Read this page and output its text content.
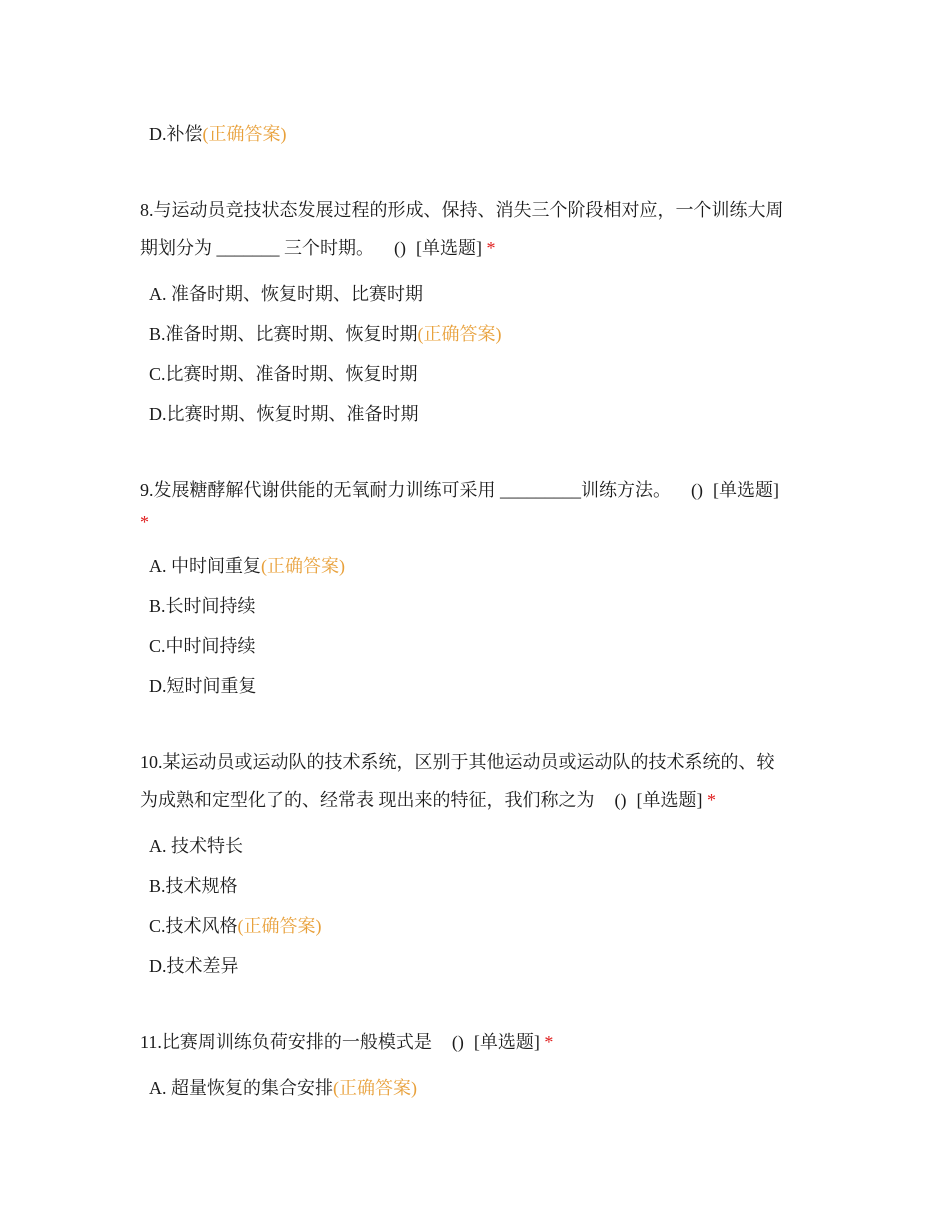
D.补偿(正确答案)
8.与运动员竞技状态发展过程的形成、保持、消失三个阶段相对应，一个训练大周
期划分为 _______ 三个时期。 () [单选题] *
A. 准备时期、恢复时期、比赛时期
B.准备时期、比赛时期、恢复时期(正确答案)
C.比赛时期、准备时期、恢复时期
D.比赛时期、恢复时期、准备时期
9.发展糖酵解代谢供能的无氧耐力训练可采用 _________训练方法。 () [单选题]
*
A. 中时间重复(正确答案)
B.长时间持续
C.中时间持续
D.短时间重复
10.某运动员或运动队的技术系统，区别于其他运动员或运动队的技术系统的、较
为成熟和定型化了的、经常表 现出来的特征，我们称之为 () [单选题] *
A. 技术特长
B.技术规格
C.技术风格(正确答案)
D.技术差异
11.比赛周训练负荷安排的一般模式是 () [单选题] *
A. 超量恢复的集合安排(正确答案)
